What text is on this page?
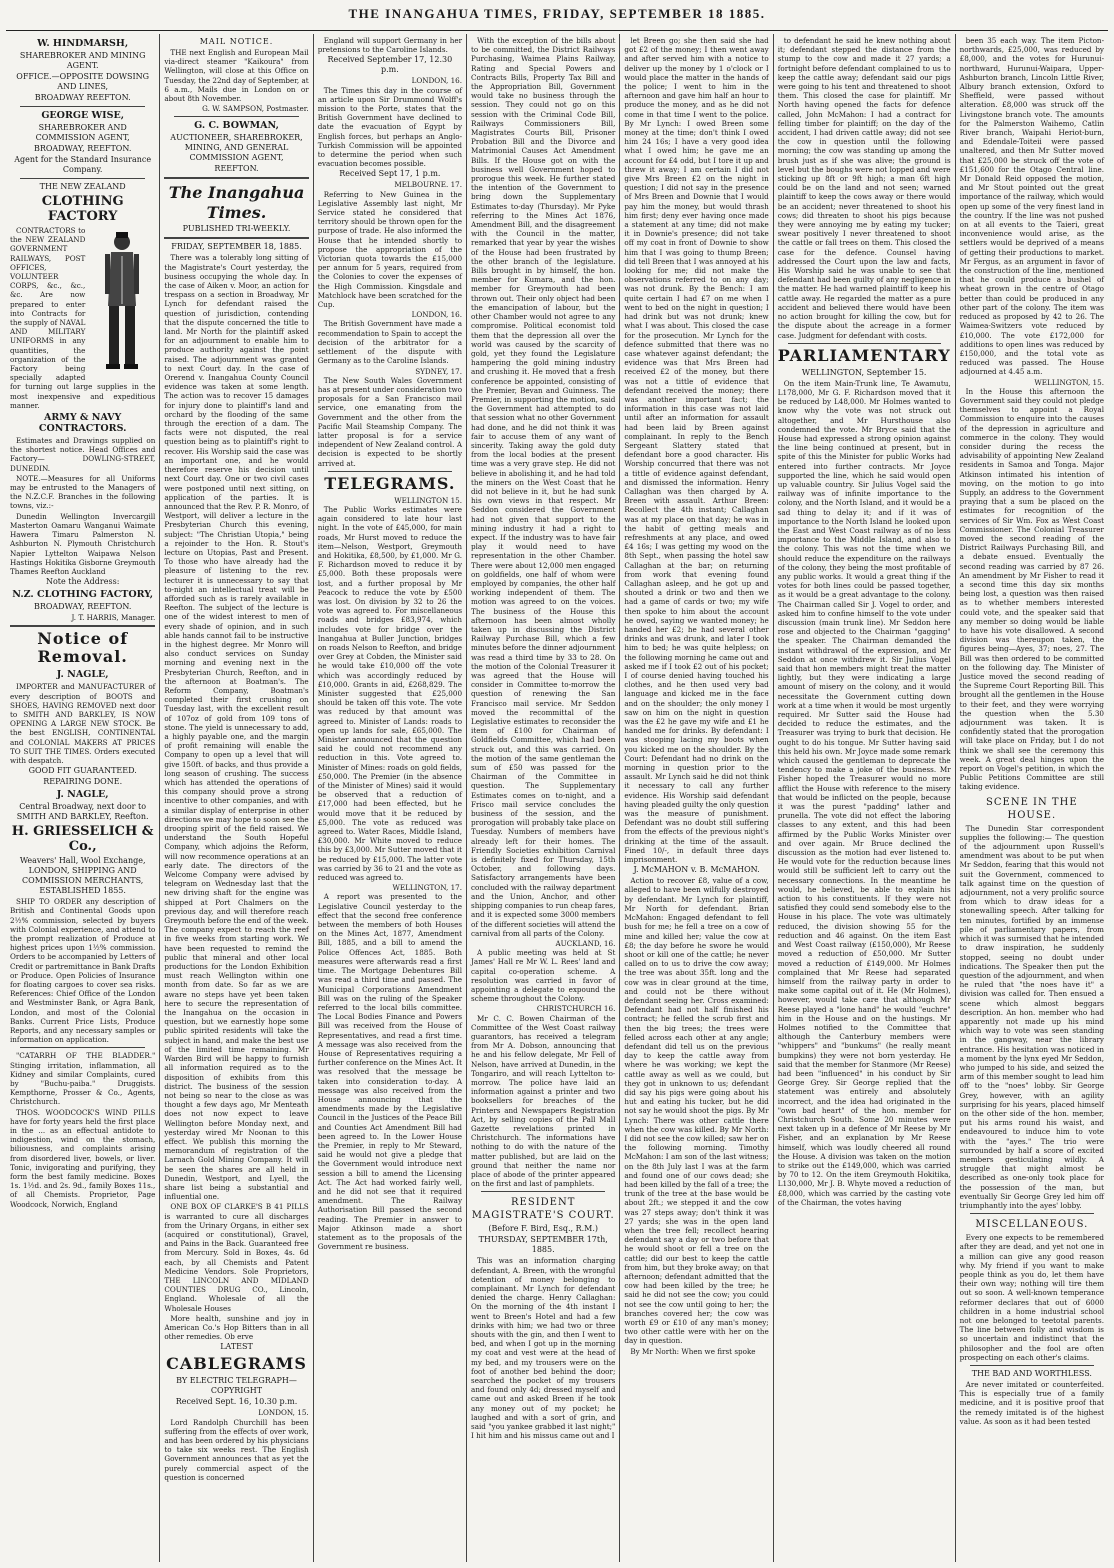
THE INANGAHUA TIMES, FRIDAY, SEPTEMBER 18 1885.
W. HINDMARSH,
SHAREBROKER AND MINING AGENT.
OFFICE.—OPPOSITE DOWSING AND LINES,
BROADWAY REEFTON.
GEORGE WISE,
SHAREBROKER AND COMMISSION AGENT,
BROADWAY, REEFTON.
Agent for the Standard Insurance Company.
THE NEW ZEALAND
CLOTHING FACTORY

CONTRACTORS to the NEW ZEALAND GOVERNMENT RAILWAYS, POST OFFICES, VOLUNTEER CORPS, &c., &c., &c. Are now prepared to enter into Contracts for the supply of NAVAL AND MILITARY UNIFORMS in any quantities, the organization of the Factory being specially adapted for turning out large supplies in the most inexpensive and expeditious manner.

ARMY & NAVY CONTRACTORS.

Estimates and Drawings supplied on the shortest notice. Head Offices and Factory— DOWLING-STREET, DUNEDIN.

NOTE.—Measures for all Uniforms may be entrusted to the Managers of the N.Z.C.F. Branches in the following towns, viz.:-

Dunedin Wellington Invercargill Masterton Oamaru Wanganui Waimate Hawera Timaru Palmerston N. Ashburton N. Plymouth Christchurch Napier Lyttelton Waipawa Nelson Hastings Hokitika Gisborne Greymouth Thames Reefton Auckland

Note the Address:
N.Z. CLOTHING FACTORY,
BROADWAY, REEFTON.
J. T. HARRIS, Manager.
Notice of Removal.
J. NAGLE,

IMPORTER and MANUFACTURER of every description of BOOTS and SHOES, HAVING REMOVED next door to SMITH AND BARKLEY, IS NOW OPENING A LARGE NEW STOCK. Be the best ENGLISH, CONTINENTAL and COLONIAL MAKERS AT PRICES TO SUIT THE TIMES. Orders executed with despatch.

GOOD FIT GUARANTEED.
REPAIRING DONE.
J. NAGLE,
Central Broadway, next door to SMITH AND BARKLEY, Reefton.
H. GRIESSELICH & Co.,
Weavers' Hall, Wool Exchange, LONDON, SHIPPING AND COMMISSION MERCHANTS, ESTABLISHED 1855.

SHIP TO ORDER any description of British and Continental Goods upon 2½% commission, selected by buyers with Colonial experience, and attend to the prompt realization of Produce at highest prices upon 1½% commission. Orders to be accompanied by Letters of Credit or partremittance in Bank Drafts or Produce. Open Policies of Insurance for floating cargoes to cover sea risks. References: Chief Office of the London and Westminster Bank, or Agra Bank, London, and most of the Colonial Banks. Current Price Lists, Produce Reports, and any necessary samples or information on application.

"CATARRH OF THE BLADDER." Stinging irritation, inflammation, all Kidney and similar Complaints, cured by "Buchu-paiba." Druggists. Kempthorne, Prosser & Co., Agents, Christchurch.

THOS. WOODCOCK'S WIND PILLS have for forty years held the first place in the ... as an effectual antidote to indigestion, wind on the stomach, biliousness, and complaints arising from disordered liver, bowels, or liver. Tonic, invigorating and purifying, they form the best family medicine. Boxes 1s. 1½d. and 2s. 9d., family Boxes 11s., of all Chemists. Proprietor, Page Woodcock, Norwich, England

MAIL NOTICE.

THE next English and European Mail via-direct steamer "Kaikoura" from Wellington, will close at this Office on Tuesday, the 22nd day of September, at 6 a.m., Mails due in London on or about 8th November.

G. W. SAMPSON, Postmaster.
G. C. BOWMAN,
AUCTIONEER, SHAREBROKER, MINING, AND GENERAL COMMISSION AGENT,
REEFTON.
The Inangahua Times.
PUBLISHED TRI-WEEKLY.
FRIDAY, SEPTEMBER 18, 1885.

There was a tolerably long sitting of the Magistrate's Court yesterday, the business occupying the whole day. In the case of Aiken v. Moor, an action for trespass on a section in Broadway, Mr Lynch for defendant raised the question of jurisdiction, contending that the dispute concerned the title to land. Mr North for the plaintiff asked for an adjournment to enable him to produce authority against the point raised. The adjournment was granted to next Court day. In the case of Orerend v. Inangahua County Council evidence was taken at some length. The action was to recover 15 damages for injury done to plaintiff's land and orchard by the flooding of the same through the erection of a dam. The facts were not disputed, the real question being as to plaintiff's right to recover. His Worship said the case was an important one, and he would therefore reserve his decision until next Court day. One or two civil cases were postponed until next sitting, on application of the parties. It is announced that the Rev. P. R. Monro, of Westport, will deliver a lecture in the Presbyterian Church this evening, subject: "The Christian Utopia," being a rejoinder to the Hon. R. Stout's lecture on Utopias, Past and Present. To those who have already had the pleasure of listening to the rev. lecturer it is unnecessary to say that to-night an intellectual treat will be afforded such as is rarely available in Reefton. The subject of the lecture is one of the widest interest to men of every shade of opinion, and in such able hands cannot fail to be instructive in the highest degree. Mr Monro will also conduct services on Sunday morning and evening next in the Presbyterian Church, Reefton, and in the afternoon at Boatman's. The Reform Company, Boatman's completed their first crushing on Tuesday last, with the excellent result of 107oz of gold from 109 tons of stone. The yield is unnecessary to add, a highly payable one, and the margin of profit remaining will enable the Company to open up a level that will give 150ft. of backs, and thus provide a long season of crushing. The success which has attended the operations of this company should prove a strong incentive to other companies, and with a similar display of enterprise in other directions we may hope to soon see the drooping spirit of the field raised. We understand the South Hopeful Company, which adjoins the Reform, will now recommence operations at an early date. The directors of the Welcome Company were advised by telegram on Wednesday last that the new driving shaft for the engine was shipped at Port Chalmers on the previous day, and will therefore reach Greymouth before the end of the week. The company expect to reach the reef in five weeks from starting work. We have been requested to remind the public that mineral and other local productions for the London Exhibition must reach Wellington within one month from date. So far as we are aware no steps have yet been taken here to secure the representation of the Inangahua on the occasion in question, but we earnestly hope some public spirited residents will take the subject in hand, and make the best use of the limited time remaining. Mr Warden Bird will be happy to furnish all information required as to the disposition of exhibits from this district. The business of the session not being so near to the close as was thought a few days ago, Mr Menteath does not now expect to leave Wellington before Monday next, and yesterday wired Mr Noonan to this effect. We publish this morning the memorandum of registration of the Larnach Gold Mining Company. It will be seen the shares are all held in Dunedin, Westport, and Lyell, the share list being a substantial and influential one.

ONE BOX OF CLARKE'S B 41 PILLS is warranted to cure all discharges from the Urinary Organs, in either sex (acquired or constitutional), Gravel, and Pains in the Back. Guaranteed free from Mercury. Sold in Boxes, 4s. 6d each, by all Chemists and Patent Medicine Vendors. Sole Proprietors, THE LINCOLN AND MIDLAND COUNTIES DRUG CO., Lincoln, England. Wholesale of all the Wholesale Houses

More health, sunshine and joy in American Co.'s Hop Bitters than in all other remedies. Ob erve

LATEST
CABLEGRAMS
BY ELECTRIC TELEGRAPH—COPYRIGHT
Received Sept. 16, 10.30 p.m.
LONDON, 15.

Lord Randolph Churchill has been suffering from the effects of over work, and has been ordered by his physicians to take six weeks rest. The English Government announces that as yet the purely commercial aspect of the question is concerned

England will support Germany in her pretensions to the Caroline Islands.

Received September 17, 12.30 p.m.
LONDON, 16.

The Times this day in the course of an article upon Sir Drummond Wolff's mission to the Porte, states that the British Government have declined to date the evacuation of Egypt by English forces, but perhaps an Anglo-Turkish Commission will be appointed to determine the period when such evacuation becomes possible.

Received Sept 17, 1 p.m.
MELBOURNE. 17.

Referring to New Guinea in the Legislative Assembly last night, Mr Service stated he considered that territory should be thrown open for the purpose of trade. He also informed the House that he intended shortly to propose the appropriation of the Victorian quota towards the £15,000 per annum for 5 years, required from the Colonies to cover the expenses of the High Commission. Kingsdale and Matchlock have been scratched for the Cup.

LONDON, 16.

The British Government have made a recommendation to Spain to accept the decision of the arbitrator for a settlement of the dispute with Germany as to the Caroline Islands.

SYDNEY, 17.

The New South Wales Government has at present under consideration two proposals for a San Francisco mail service, one emanating from the Government and the other from the Pacific Mail Steamship Company. The latter proposal is for a service independent of New Zealand control. A decision is expected to be shortly arrived at.

TELEGRAMS.
WELLINGTON 15.

The Public Works estimates were again considered to late hour last night. In the vote of £45,000, for main roads, Mr Hurst moved to reduce the item—Nelson, Westport, Greymouth and Hokitika, £8,500, by £1,000. Mr G. F. Richardson moved to reduce it by £5,000. Both these proposals were lost, and a further proposal by Mr Peacock to reduce the vote by £500 was lost. On division by 32 to 26 the vote was agreed to. For miscellaneous roads and bridges £83,974, which includes vote for bridge over the Inangahua at Buller Junction, bridges on roads Nelson to Reefton, and bridge over Grey at Cobden, the Minister said he would take £10,000 off the vote which was accordingly reduced by £10,000. Grants in aid, £268,829. The Minister suggested that £25,000 should be taken off this vote. The vote was reduced by that amount was agreed to. Minister of Lands: roads to open up lands for sale, £65,000. The Minister announced that the question said he could not recommend any reduction in this. Vote agreed to. Minister of Mines: roads on gold fields, £50,000. The Premier (in the absence of the Minister of Mines) said it would be observed that a reduction of £17,000 had been effected, but he would move that it be reduced by £5,000. The vote as reduced was agreed to. Water Races, Middle Island, £30,000. Mr White moved to reduce this by £3,000. Mr Sutter moved that it be reduced by £15,000. The latter vote was carried by 36 to 21 and the vote as reduced was agreed to.

WELLINGTON, 17.

A report was presented to the Legislative Council yesterday to the effect that the second free conference between the members of both Houses on the Mines Act, 1877, Amendment Bill, 1885, and a bill to amend the Police Offences Act, 1885. Both measures were afterwards read a first time. The Mortgage Debentures Bill was read a third time and passed. The Municipal Corporations Amendment Bill was on the ruling of the Speaker referred to the local bills committee. The Local Bodies Finance and Powers Bill was received from the House of Representatives, and read a first time. A message was also received from the House of Representatives requiring a further conference on the Mines Act. It was resolved that the message be taken into consideration to-day. A message was also received from the House announcing that the amendments made by the Legislative Council in the Justices of the Peace Bill and Counties Act Amendment Bill had been agreed to. In the Lower House the Premier, in reply to Mr Steward, said he would not give a pledge that the Government would introduce next session a bill to amend the Licensing Act. The Act had worked fairly well, and he did not see that it required amendment. The Railway Authorisation Bill passed the second reading. The Premier in answer to Major Atkinson made a short statement as to the proposals of the Government re business.

With the exception of the bills about to be committed, the District Railways Purchasing, Waimea Plains Railway, Rating and Special Powers and Contracts Bills, Property Tax Bill and the Appropriation Bill, Government would take no business through the session. They could not go on this session with the Criminal Code Bill, Railways Commissioners Bill, Magistrates Courts Bill, Prisoner Probation Bill and the Divorce and Matrimonial Causes Act Amendment Bills. If the House got on with the business well Government hoped to prorogue this week. He further stated the intention of the Government to bring down the Supplementary Estimates to-day (Thursday). Mr Pyke referring to the Mines Act 1876, Amendment Bill, and the disagreement with the Council in the matter, remarked that year by year the wishes of the House had been frustrated by the other branch of the legislature. Bills brought in by himself, the hon. member for Kumara, and the hon. member for Greymouth had been thrown out. Their only object had been the emancipation of labour, but the other Chamber would not agree to any compromise. Political economist told them that the depression all over the world was caused by the scarcity of gold, yet they found the Legislature hampering the gold mining industry and crushing it. He moved that a fresh conference be appointed, consisting of the Premier, Bevan and Guinness. The Premier, in supporting the motion, said the Government had attempted to do that session what no other Government had done, and he did not think it was fair to accuse them of any want of sincerity. Taking away the gold duty from the local bodies at the present time was a very grave step. He did not believe in abolishing it, and he had told the miners on the West Coast that he did not believe in it, but he had sunk his own views in that respect. Mr Seddon considered the Government had not given that support to the mining industry it had a right to expect. If the industry was to have fair play it would need to have representation in the other Chamber. There were about 12,000 men engaged on goldfields, one half of whom were employed by companies, the other half working independent of them. The motion was agreed to on the voices. The business of the House this afternoon has been almost wholly taken up in discussing the District Railway Purchase Bill, which a few minutes before the dinner adjournment was read a third time by 33 to 28. On the motion of the Colonial Treasurer it was agreed that the House will consider in Committee to-morrow the question of renewing the San Francisco mail service. Mr Seddon moved the recommittal of the Legislative estimates to reconsider the item of £100 for Chairman of Goldfields Committee, which had been struck out, and this was carried. On the motion of the same gentleman the sum of £50 was passed for the Chairman of the Committee in question. The Supplementary Estimates comes on to-night, and a Frisco mail service concludes the business of the session, and the prorogation will probably take place on Tuesday. Numbers of members have already left for their homes. The Friendly Societies exhibition Carnival is definitely fixed for Thursday, 15th October, and following days. Satisfactory arrangements have been concluded with the railway department and the Union, Anchor, and other shipping companies to run cheap fares, and it is expected some 3000 members of the different societies will attend the carnival from all parts of the Colony.

AUCKLAND, 16.

A public meeting was held at St James' Hall re Mr W. L. Rees' land and capital co-operation scheme. A resolution was carried in favor of appointing a delegate to expound the scheme throughout the Colony.

CHRISTCHURCH 16.

Mr C. C. Bowen Chairman of the Committee of the West Coast railway guarantors, has received a telegram from Mr A. Dobson, announcing that he and his fellow delegate, Mr Fell of Nelson, have arrived at Dunedin, in the Tongariro, and will reach Lyttelton to-morrow. The police have laid an information against a printer and two booksellers for breaches of the Printers and Newspapers Registration Act, by selling copies of the Pall Mall Gazette revelations printed in Christchurch. The informations have nothing to do with the nature of the matter published, but are laid on the ground that neither the name nor place of abode of the printer appeared on the first and last of pamphlets.

RESIDENT MAGISTRATE'S COURT.
(Before F. Bird, Esq., R.M.)
THURSDAY, SEPTEMBER 17th, 1885.

This was an information charging defendant, A. Breen, with the wrongful detention of money belonging to complainant. Mr Lynch for defendant denied the charge. Henry Callaghan: On the morning of the 4th instant I went to Breen's Hotel and had a few drinks with him; we had two or three shouts with the gin, and then I went to bed, and when I got up in the morning my coat and vest were at the head of my bed, and my trousers were on the foot of another bed behind the door; searched the pocket of my trousers and found only 4d; dressed myself and came out and asked Breen if he took any money out of my pocket; he laughed and with a sort of grin, and said "you yankee grabbed it last night;" I hit him and his missus came out and I

let Breen go; she then said she had got £2 of the money; I then went away and after served him with a notice to deliver up the money by 1 o'clock or I would place the matter in the hands of the police; I went to him in the afternoon and gave him half an hour to produce the money, and as he did not come in that time I went to the police. By Mr Lynch: I owed Breen some money at the time; don't think I owed him 24 16s; I have a very good idea what I owed him; he gave me an account for £4 odd, but I tore it up and threw it away; I am certain I did not give Mrs Breen £2 on the night in question; I did not say in the presence of Mrs Breen and Downie that I would pay him the money, but would thrash him first; deny ever having once made a statement at any time; did not make it in Downie's presence; did not take off my coat in front of Downie to show him that I was going to thump Breen; did tell Breen that I was annoyed at his looking for me; did not make the observations referred to on any day; was not drunk. By the Bench: I am quite certain I had £7 on me when I went to bed on the night in question; I had drink but was not drunk; knew what I was about. This closed the case for the prosecution. Mr Lynch for the defence submitted that there was no case whatever against defendant; the evidence was that Mrs Breen had received £2 of the money, but there was not a tittle of evidence that defendant received the money; there was another important fact; the information in this case was not laid until after an information for assault had been laid by Breen against complainant. In reply to the Bench Sergeant Slattery stated that defendant bore a good character. His Worship concurred that there was not a tittle of evidence against defendant, and dismissed the information. Henry Callaghan was then charged by A. Breen with assault. Arthur Breen: Recollect the 4th instant; Callaghan was at my place on that day; he was in the habit of getting meals and refreshments at any place, and owed £4 16s; I was getting my wood on the 8th Sept., when passing the hotel saw Callaghan at the bar; on returning from work that evening found Callaghan asleep, and he got up and shouted a drink or two and then we had a game of cards or two; my wife then spoke to him about the account he owed, saying we wanted money; he handed her £2; he had several other drinks and was drunk, and later I took him to bed; he was quite helpless; on the following morning he came out and asked me if I took £2 out of his pocket; I of course denied having touched his clothes, and he then used very bad language and kicked me in the face and on the shoulder; the only money I saw on him on the night in question was the £2 he gave my wife and £1 he handed me for drinks. By defendant: I was stooping lacing my boots when you kicked me on the shoulder. By the Court: Defendant had no drink on the morning in question prior to the assault. Mr Lynch said he did not think it necessary to call any further evidence. His Worship said defendant having pleaded guilty the only question was the measure of punishment. Defendant was no doubt still suffering from the effects of the previous night's drinking at the time of the assault. Fined 10/-, in default three days imprisonment.

J. McMAHON v. B. McMAHON.

Action to recover £8, value of a cow, alleged to have been wilfully destroyed by defendant. Mr Lynch for plaintiff, Mr North for defendant. Brian McMahon: Engaged defendant to fell bush for me; he fell a tree on a cow of mine and killed her; value the cow at £8; the day before he swore he would shoot or kill one of the cattle; he never called on to us to drive the cow away; the tree was about 35ft. long and the cow was in clear ground at the time, and could not be there without defendant seeing her. Cross examined: Defendant had not half finished his contract; he felled the scrub first and then the big trees; the trees were felled across each other at any angle; defendant did tell us on the previous day to keep the cattle away from where he was working; we kept the cattle away as well as we could, but they got in unknown to us; defendant did say his pigs were going about his hut and eating his tucker, but he did not say he would shoot the pigs. By Mr Lynch: There was other cattle there when the cow was killed. By Mr North: I did not see the cow killed; saw her on the following morning. Timothy McMahon: I am son of the last witness; on the 8th July last I was at the farm and found one of our cows dead; she had been killed by the fall of a tree; the trunk of the tree at the base would be about 2ft.; we stepped it and the cow was 27 steps away; don't think it was 27 yards; she was in the open land when the tree fell; recollect hearing defendant say a day or two before that he would shoot or fell a tree on the cattle; did our best to keep the cattle from him, but they broke away; on that afternoon; defendant admitted that the cow had been killed by the tree; he said he did not see the cow; you could not see the cow until going to her; the branches covered her; the cow was worth £9 or £10 of any man's money; two other cattle were with her on the day in question.

By Mr North: When we first spoke

to defendant he said he knew nothing about it; defendant stepped the distance from the stump to the cow and made it 27 yards; a fortnight before defendant complained to us to keep the cattle away; defendant said our pigs were going to his tent and threatened to shoot them. This closed the case for plaintiff. Mr North having opened the facts for defence called, John McMahon: I had a contract for felling timber for plaintiff; on the day of the accident, I had driven cattle away; did not see the cow in question until the following morning; the cow was standing up among the brush just as if she was alive; the ground is level but the boughs were not lopped and were sticking up 8ft or 9ft high; a man 6ft high could be on the land and not seen; warned plaintiff to keep the cows away or there would be an accident; never threatened to shoot his cows; did threaten to shoot his pigs because they were annoying me by eating my tucker; swear positively I never threatened to shoot the cattle or fall trees on them. This closed the case for the defence. Counsel having addressed the Court upon the law and facts, His Worship said he was unable to see that defendant had been guilty of any negligence in the matter. He had warned plaintiff to keep his cattle away. He regarded the matter as a pure accident and believed there would have been no action brought for killing the cow, but for the dispute about the acreage in a former case. Judgment for defendant with costs.

PARLIAMENTARY
WELLINGTON, September 15.

On the item Main-Trunk line, Te Awamutu, L178,000, Mr G. F. Richardson moved that it be reduced by L48,000. Mr Holmes wanted to know why the vote was not struck out altogether, and Mr Hursthouse also condemned the vote. Mr Bryce said that the House had expressed a strong opinion against the line being continued at present, but in spite of this the Minister for public Works had entered into further contracts. Mr Joyce supported the line, which he said would open up valuable country. Sir Julius Vogel said the railway was of infinite importance to the colony, and the North Island, and it would be a sad thing to delay it; and if it was of importance to the North Island he looked upon the East and West Coast railway as of no less importance to the Middle Island, and also to the colony. This was not the time when we should reduce the expenditure on the railways of the colony, they being the most profitable of any public works. It would a great thing if the votes for both lines could be passed together, as it would be a great advantage to the colony. The Chairman called Sir J. Vogel to order, and asked him to confine himself to the vote under discussion (main trunk line). Mr Seddon here rose and objected to the Chairman "gagging" the speaker. The Chairman demanded the instant withdrawal of the expression, and Mr Seddon at once withdrew it. Sir Julius Vogel said that hon members might treat the matter lightly, but they were indicating a large amount of misery on the colony, and it would necessitate the Government cutting down work at a time when it would be most urgently required. Mr Sutter said the House had decided to reduce the estimates, and the Treasurer was trying to burk that decision. He ought to do his tongue. Mr Sutter having said this held his own. Mr Joyce made some remark which caused the gentleman to deprecate the tendency to make a joke of the business. Mr Fisher hoped the Treasurer would no more afflict the House with reference to the misery that would be inflicted on the people, because it was the purest "padding" lather and prunella. The vote did not effect the laboring classes to any extent, and this had been affirmed by the Public Works Minister over and over again. Mr Bruce declined the discussion as the motion had ever listened to. He would vote for the reduction because lines would still be sufficient left to carry out the necessary connections. In the meantime he would, he believed, be able to explain his action to his constituents. If they were not satisfied they could send somebody else to the House in his place. The vote was ultimately reduced, the division showing 55 for the reduction and 46 against. On the item East and West Coast railway (£150,000), Mr Reese moved a reduction of £50,000. Mr Sutter moved a reduction of £149,000. Mr Holmes complained that Mr Reese had separated himself from the railway party in order to make some capital out of it. He (Mr Holmes), however, would take care that although Mr Reese played a "lone hand" he would "euchre" him in the House and on the hustings. Mr Holmes notified to the Committee that although the Canterbury members were "whippers" and "bunkums" (he really meant bumpkins) they were not born yesterday. He said that the member for Stanmore (Mr Reese) had been "influenced" in his conduct by Sir George Grey. Sir George replied that the statement was entirely and absolutely incorrect, and the idea had originated in the "own bad heart" of the hon. member for Christchurch South. Some 20 minutes were next taken up in a defence of Mr Reese by Mr Fisher, and an explanation by Mr Reese himself, which was loudly cheered all round the House. A division was taken on the motion to strike out the £149,000, which was carried by 70 to 12. On the item Greymouth Hokitika, L130,000, Mr J. B. Whyte moved a reduction of £8,000, which was carried by the casting vote of the Chairman, the votes having

been 35 each way. The item Picton-northwards, £25,000, was reduced by £8,000, and the votes for Hurunui-northward, Hurunui-Waipara, Upper-Ashburton branch, Lincoln Little River, Albury branch extension, Oxford to Sheffield, were passed without alteration. £8,000 was struck off the Livingstone branch vote. The amounts for the Palmerston Waihemo, Catlin River branch, Waipahi Heriot-burn, and Edendale-Toiteii were passed unaltered, and then Mr Sutter moved that £25,000 be struck off the vote of £151,600 for the Otago Central line. Mr Donald Reid opposed the motion, and Mr Stout pointed out the great importance of the railway, which would open up some of the very finest land in the country. If the line was not pushed on at all events to the Taieri, great inconvenience would arise, as the settlers would be deprived of a means of getting their productions to market. Mr Fergus, as an argument in favor of the construction of the line, mentioned that he could produce a bushel of wheat grown in the centre of Otago better than could be produced in any other part of the colony. The item was reduced as proposed by 42 to 26. The Waimea-Switzers vote reduced by £10,000. The vote £172,000 for additions to open lines was reduced by £150,000, and the total vote as reduced was passed. The House adjourned at 4.45 a.m.

WELLINGTON, 15.

In the House this afternoon the Government said they could not pledge themselves to appoint a Royal Commission to enquire into the causes of the depression in agriculture and commerce in the colony. They would consider during the recess the advisability of appointing New Zealand residents in Samoa and Tonga. Major Atkinson intimated his intention of moving, on the motion to go into Supply, an address to the Government praying that a sum be placed on the estimates for recognition of the services of Sir Wm. Fox as West Coast Commissioner. The Colonial Treasurer moved the second reading of the District Railways Purchasing Bill, and a debate ensued. Eventually the second reading was carried by 87 26. An amendment by Mr Fisher to read it a second time this day six months being lost, a question was then raised as to whether members interested could vote, and the speaker said that any member so doing would be liable to have his vote disallowed. A second division was thereupon taken, the figures being—Ayes, 37; noes, 27. The Bill was then ordered to be committed on the following day. The Minister of Justice moved the second reading of the Supreme Court Reporting Bill. This brought all the gentlemen in the House to their feet, and they were worrying the question when the 5.30 adjournment was taken. It is confidently stated that the prorogation will take place on Friday, but I do not think we shall see the ceremony this week. A great deal hinges upon the report on Vogel's petition, in which the Public Petitions Committee are still taking evidence.

SCENE IN THE HOUSE.

The Dunedin Star correspondent supplies the following:— The question of the adjournment upon Russell's amendment was about to be put when Mr Seddon, fearing that this would not suit the Government, commenced to talk against time on the question of adjournment, not a very prolific source from which to draw ideas for a stonewalling speech. After talking for ten minutes, fortified by an immense pile of parliamentary papers, from which it was surmised that he intended to draw inspiration, he suddenly stopped, seeing no doubt under indications. The Speaker then put the question of the adjournment, and when he ruled that "the noes have it" a division was called for. Then ensued a scene which almost beggars description. An hon. member who had apparently not made up his mind which way to vote was seen standing in the gangway, near the library entrance. His hesitation was noticed in a moment by the lynx eyed Mr Seddon, who jumped to his side, and seized the arm of this member sought to lead him off to the "noes" lobby. Sir George Grey, however, with an agility surprising for his years, placed himself on the other side of the hon. member, put his arms round his waist, and endeavoured to induce him to vote with the "ayes." The trio were surrounded by half a score of excited members gesticulating wildly. A struggle that might almost be described as one-only took place for the possession of the man, but eventually Sir George Grey led him off triumphantly into the ayes' lobby.

MISCELLANEOUS.

Every one expects to be remembered after they are dead, and yet not one in a million can give any good reason why. My friend if you want to make people think as you do, let them have their own way; nothing will tire them out so soon. A well-known temperance reformer declares that out of 6000 children in a home industrial school not one belonged to teetotal parents. The line between folly and wisdom is so uncertain and indistinct that the philosopher and the fool are often prospecting on each other's claims.

THE BAD AND WORTHLESS.

Are never imitated or counterfeited. This is especially true of a family medicine, and it is positive proof that the remedy imitated is of the highest value. As soon as it had been tested
